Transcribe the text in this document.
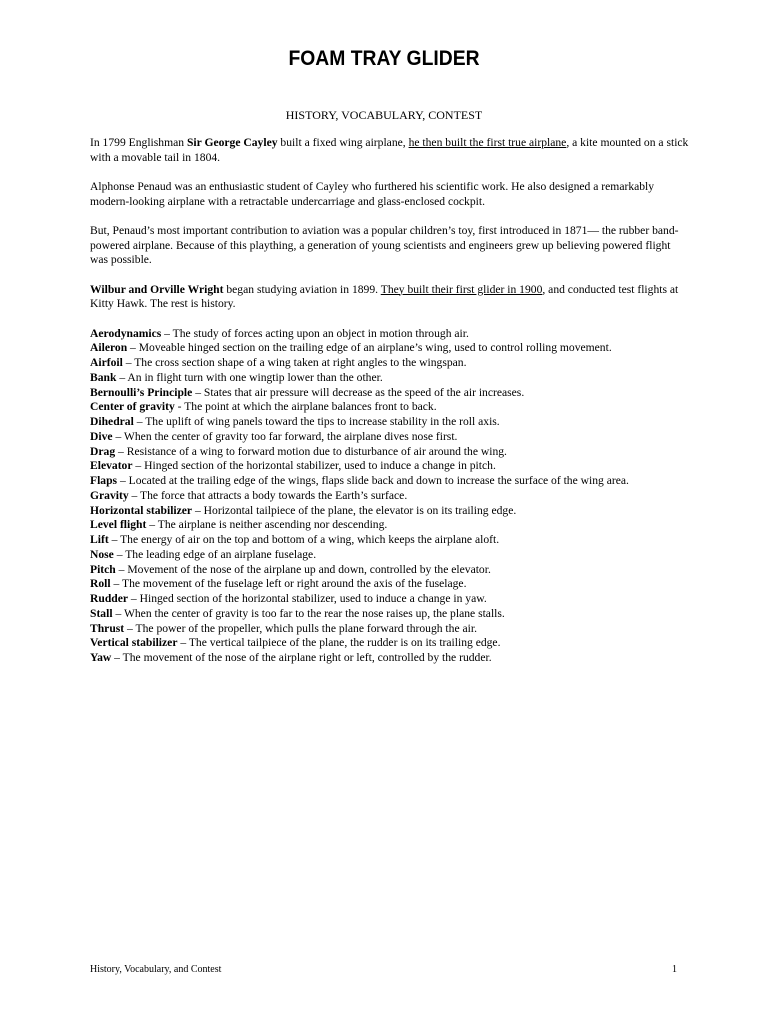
FOAM TRAY GLIDER
HISTORY, VOCABULARY, CONTEST

In 1799 Englishman Sir George Cayley built a fixed wing airplane, he then built the first true airplane, a kite mounted on a stick with a movable tail in 1804.

Alphonse Penaud was an enthusiastic student of Cayley who furthered his scientific work. He also designed a remarkably modern-looking airplane with a retractable undercarriage and glass-enclosed cockpit.

But, Penaud’s most important contribution to aviation was a popular children’s toy, first introduced in 1871— the rubber band-powered airplane. Because of this plaything, a generation of young scientists and engineers grew up believing powered flight was possible.

Wilbur and Orville Wright began studying aviation in 1899. They built their first glider in 1900, and conducted test flights at Kitty Hawk. The rest is history.

Aerodynamics – The study of forces acting upon an object in motion through air.
Aileron – Moveable hinged section on the trailing edge of an airplane’s wing, used to control rolling movement.
Airfoil – The cross section shape of a wing taken at right angles to the wingspan.
Bank – An in flight turn with one wingtip lower than the other.
Bernoulli’s Principle – States that air pressure will decrease as the speed of the air increases.
Center of gravity - The point at which the airplane balances front to back.
Dihedral – The uplift of wing panels toward the tips to increase stability in the roll axis.
Dive – When the center of gravity too far forward, the airplane dives nose first.
Drag – Resistance of a wing to forward motion due to disturbance of air around the wing.
Elevator – Hinged section of the horizontal stabilizer, used to induce a change in pitch.
Flaps – Located at the trailing edge of the wings, flaps slide back and down to increase the surface of the wing area.
Gravity – The force that attracts a body towards the Earth’s surface.
Horizontal stabilizer – Horizontal tailpiece of the plane, the elevator is on its trailing edge.
Level flight – The airplane is neither ascending nor descending.
Lift – The energy of air on the top and bottom of a wing, which keeps the airplane aloft.
Nose – The leading edge of an airplane fuselage.
Pitch – Movement of the nose of the airplane up and down, controlled by the elevator.
Roll – The movement of the fuselage left or right around the axis of the fuselage.
Rudder – Hinged section of the horizontal stabilizer, used to induce a change in yaw.
Stall – When the center of gravity is too far to the rear the nose raises up, the plane stalls.
Thrust – The power of the propeller, which pulls the plane forward through the air.
Vertical stabilizer – The vertical tailpiece of the plane, the rudder is on its trailing edge.
Yaw – The movement of the nose of the airplane right or left, controlled by the rudder.
History, Vocabulary, and Contest	1
